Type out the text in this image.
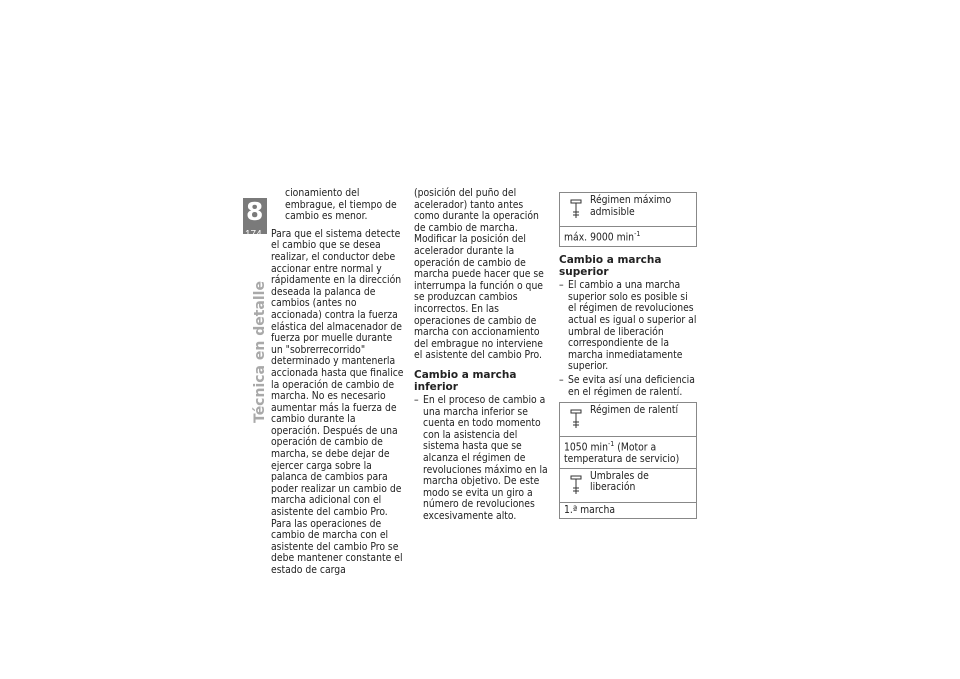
8
174
Técnica en detalle

cionamiento del embrague, el tiempo de cambio es menor.

Para que el sistema detecte el cambio que se desea realizar, el conductor debe accionar entre normal y rápidamente en la dirección deseada la palanca de cambios (antes no accionada) contra la fuerza elástica del almacenador de fuerza por muelle durante un "sobrerrecorrido" determinado y mantenerla accionada hasta que finalice la operación de cambio de marcha. No es necesario aumentar más la fuerza de cambio durante la operación. Después de una operación de cambio de marcha, se debe dejar de ejercer carga sobre la palanca de cambios para poder realizar un cambio de marcha adicional con el asistente del cambio Pro. Para las operaciones de cambio de marcha con el asistente del cambio Pro se debe mantener constante el estado de carga

(posición del puño del acelerador) tanto antes como durante la operación de cambio de marcha. Modificar la posición del acelerador durante la operación de cambio de marcha puede hacer que se interrumpa la función o que se produzcan cambios incorrectos. En las operaciones de cambio de marcha con accionamiento del embrague no interviene el asistente del cambio Pro.

Cambio a marcha inferior
– En el proceso de cambio a una marcha inferior se cuenta en todo momento con la asistencia del sistema hasta que se alcanza el régimen de revoluciones máximo en la marcha objetivo. De este modo se evita un giro a número de revoluciones excesivamente alto.
Régimen máximo admisible
máx. 9000 $\min^{-1}$
Cambio a marcha superior
– El cambio a una marcha superior solo es posible si el régimen de revoluciones actual es igual o superior al umbral de liberación correspondiente de la marcha inmediatamente superior.
– Se evita así una deficiencia en el régimen de ralentí.
Régimen de ralentí
1050 $\min^{-1}$ (Motor a temperatura de servicio)
Umbrales de liberación
1.ª marcha
